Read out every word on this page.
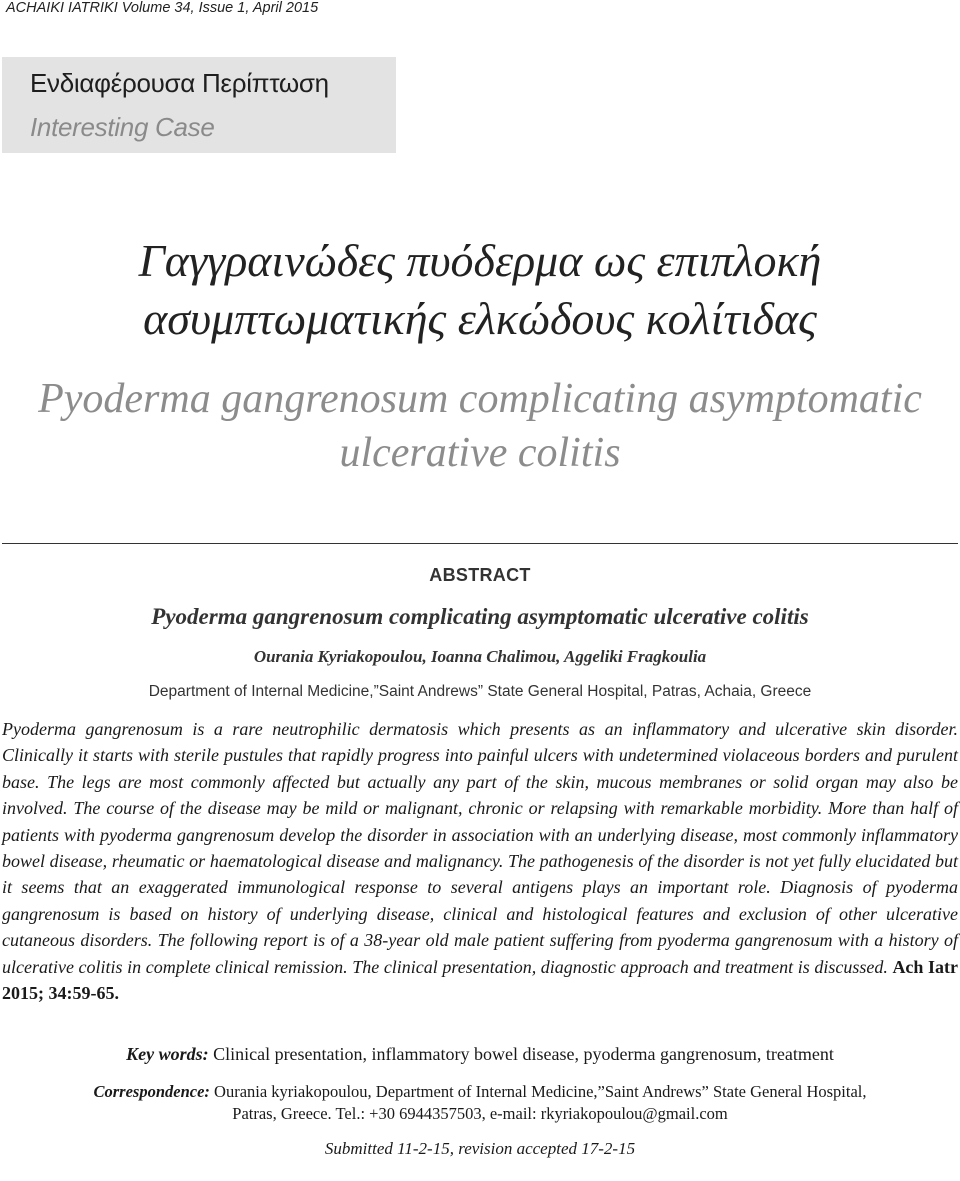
ACHAIKI IATRIKI Volume 34, Issue 1, April 2015
Ενδιαφέρουσα Περίπτωση
Interesting Case
Γαγγραινώδες πυόδερμα ως επιπλοκή
ασυμπτωματικής ελκώδους κολίτιδας
Pyoderma gangrenosum complicating asymptomatic
ulcerative colitis
ABSTRACT
Pyoderma gangrenosum complicating asymptomatic ulcerative colitis
Ourania Kyriakopoulou, Ioanna Chalimou, Aggeliki Fragkoulia
Department of Internal Medicine,”Saint Andrews” State General Hospital, Patras, Achaia, Greece
Pyoderma gangrenosum is a rare neutrophilic dermatosis which presents as an inflammatory and ulcerative skin disorder. Clinically it starts with sterile pustules that rapidly progress into painful ulcers with undetermined violaceous borders and purulent base. The legs are most commonly affected but actually any part of the skin, mucous membranes or solid organ may also be involved. The course of the disease may be mild or malignant, chronic or relapsing with remarkable morbidity. More than half of patients with pyoderma gangrenosum develop the disorder in association with an underlying disease, most commonly inflammatory bowel disease, rheumatic or haematological disease and malignancy. The pathogenesis of the disorder is not yet fully elucidated but it seems that an exaggerated immunological response to several antigens plays an important role. Diagnosis of pyoderma gangrenosum is based on history of underlying disease, clinical and histological features and exclusion of other ulcerative cutaneous disorders. The following report is of a 38-year old male patient suffering from pyoderma gangrenosum with a history of ulcerative colitis in complete clinical remission. The clinical presentation, diagnostic approach and treatment is discussed. Ach Iatr 2015; 34:59-65.
Key words: Clinical presentation, inflammatory bowel disease, pyoderma gangrenosum, treatment
Correspondence: Ourania kyriakopoulou, Department of Internal Medicine,”Saint Andrews” State General Hospital,
Patras, Greece. Tel.: +30 6944357503, e-mail: rkyriakopoulou@gmail.com
Submitted 11-2-15, revision accepted 17-2-15
